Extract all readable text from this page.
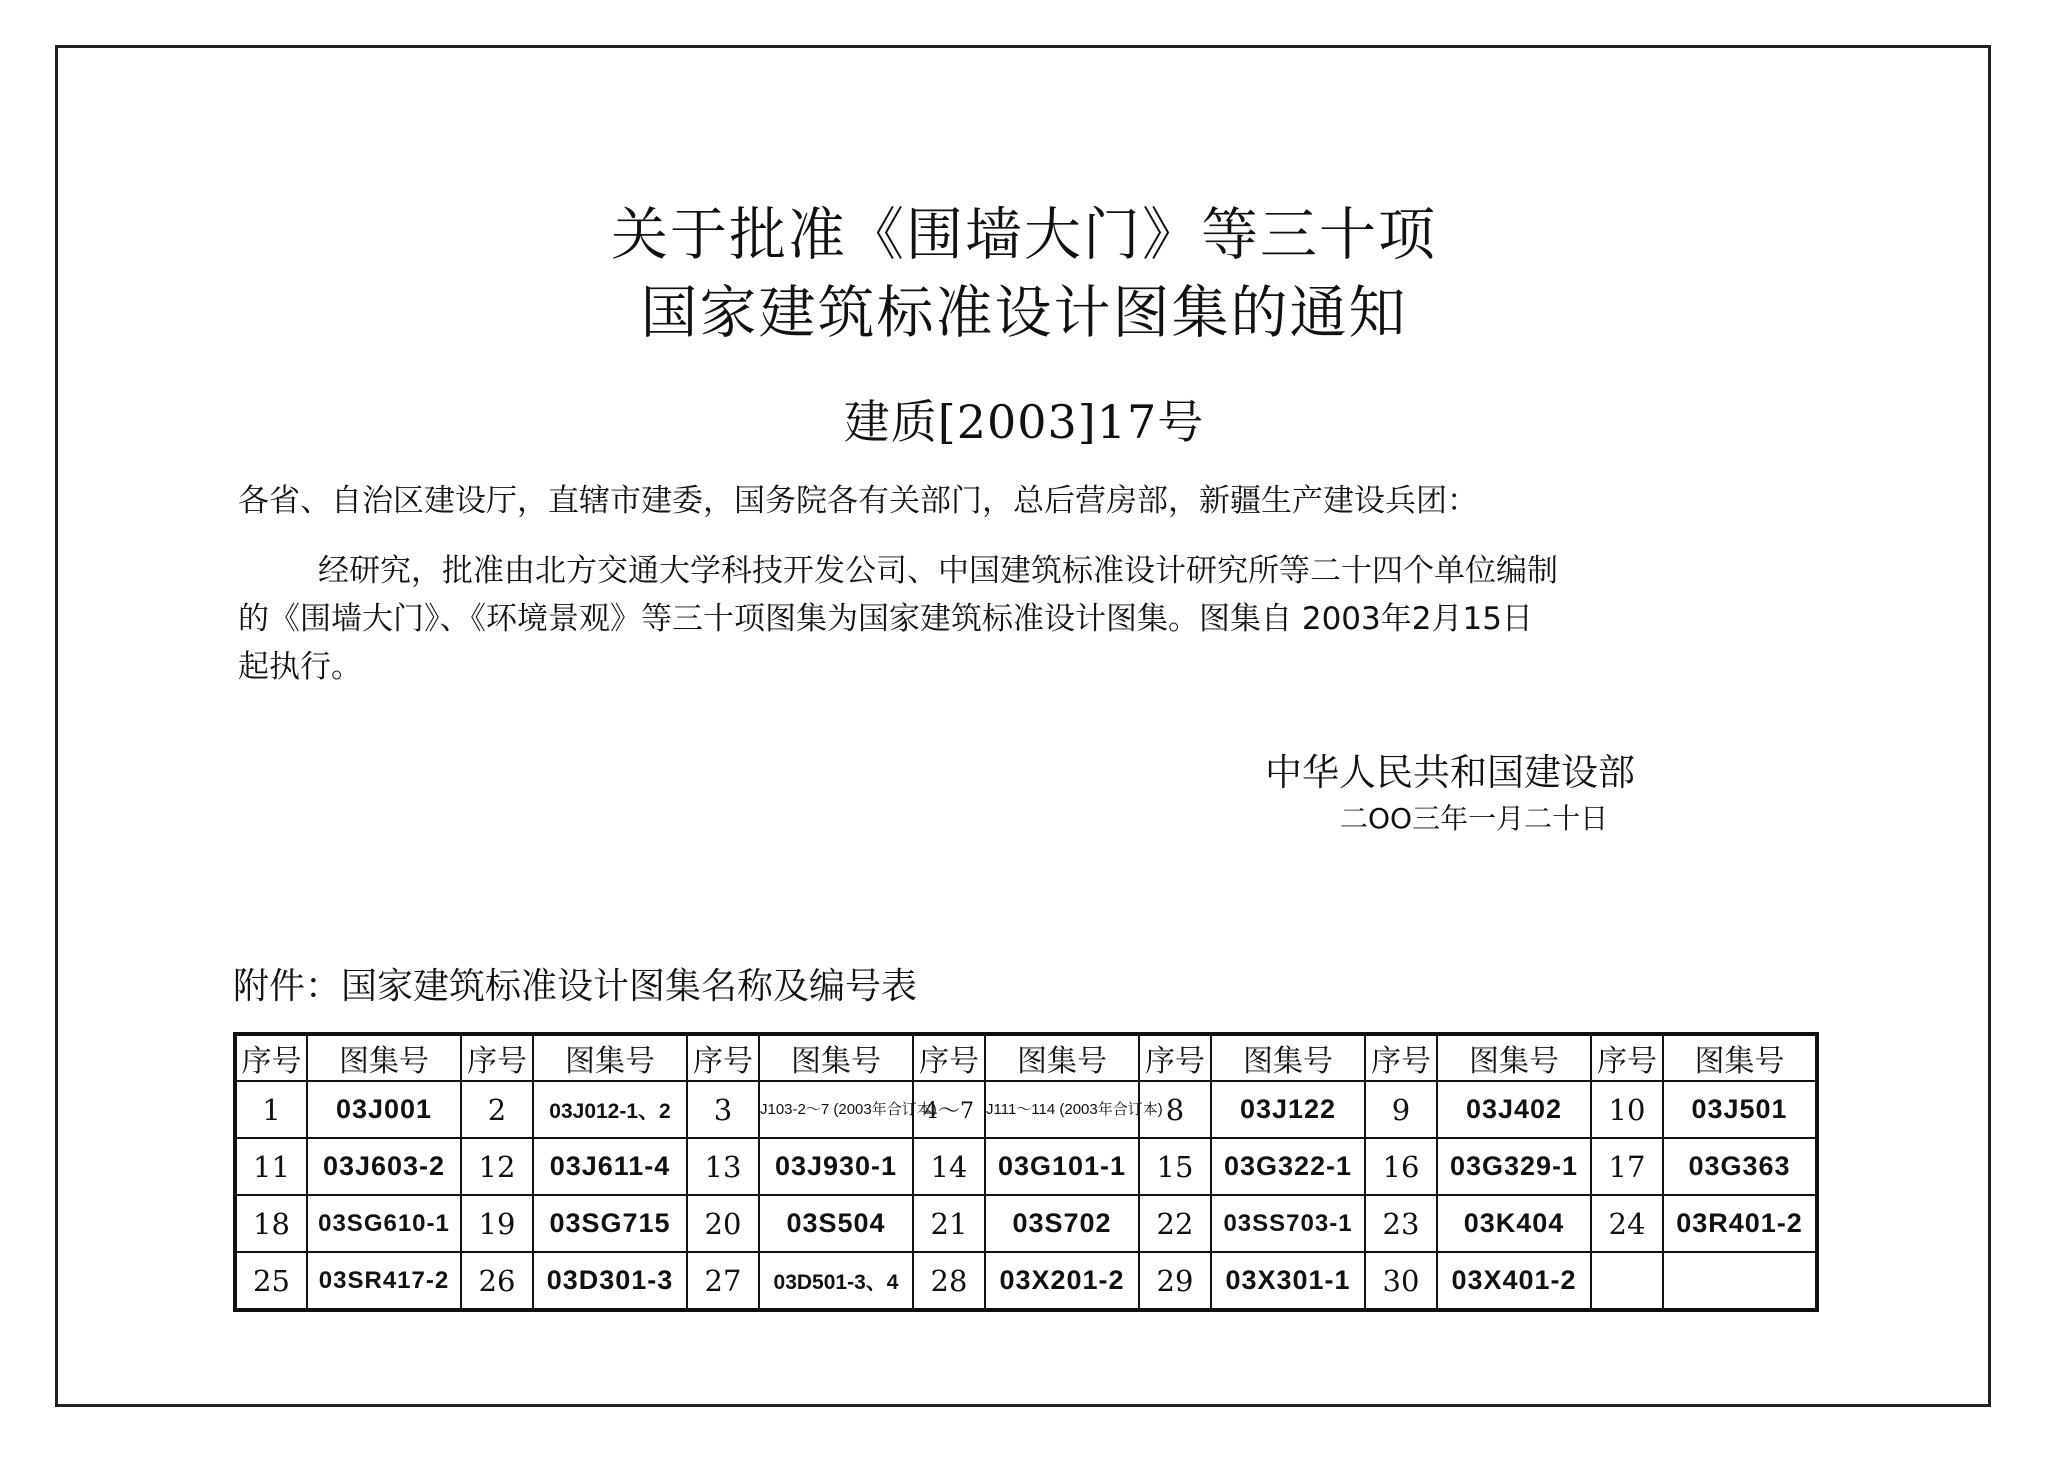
关于批准《围墙大门》等三十项
国家建筑标准设计图集的通知
建质[2003]17号
各省、自治区建设厅，直辖市建委，国务院各有关部门，总后营房部，新疆生产建设兵团：
经研究，批准由北方交通大学科技开发公司、中国建筑标准设计研究所等二十四个单位编制
的《围墙大门》、《环境景观》等三十项图集为国家建筑标准设计图集。图集自 2003年2月15日
起执行。
中华人民共和国建设部
二OO三年一月二十日
附件：国家建筑标准设计图集名称及编号表
序号	图集号	序号	图集号	序号	图集号	序号	图集号	序号	图集号	序号	图集号	序号	图集号
1	03J001	2	03J012-1、2	3	J103-2～7 (2003年合订本)	4～7	J111～114 (2003年合订本)	8	03J122	9	03J402	10	03J501
11	03J603-2	12	03J611-4	13	03J930-1	14	03G101-1	15	03G322-1	16	03G329-1	17	03G363
18	03SG610-1	19	03SG715	20	03S504	21	03S702	22	03SS703-1	23	03K404	24	03R401-2
25	03SR417-2	26	03D301-3	27	03D501-3、4	28	03X201-2	29	03X301-1	30	03X401-2		
